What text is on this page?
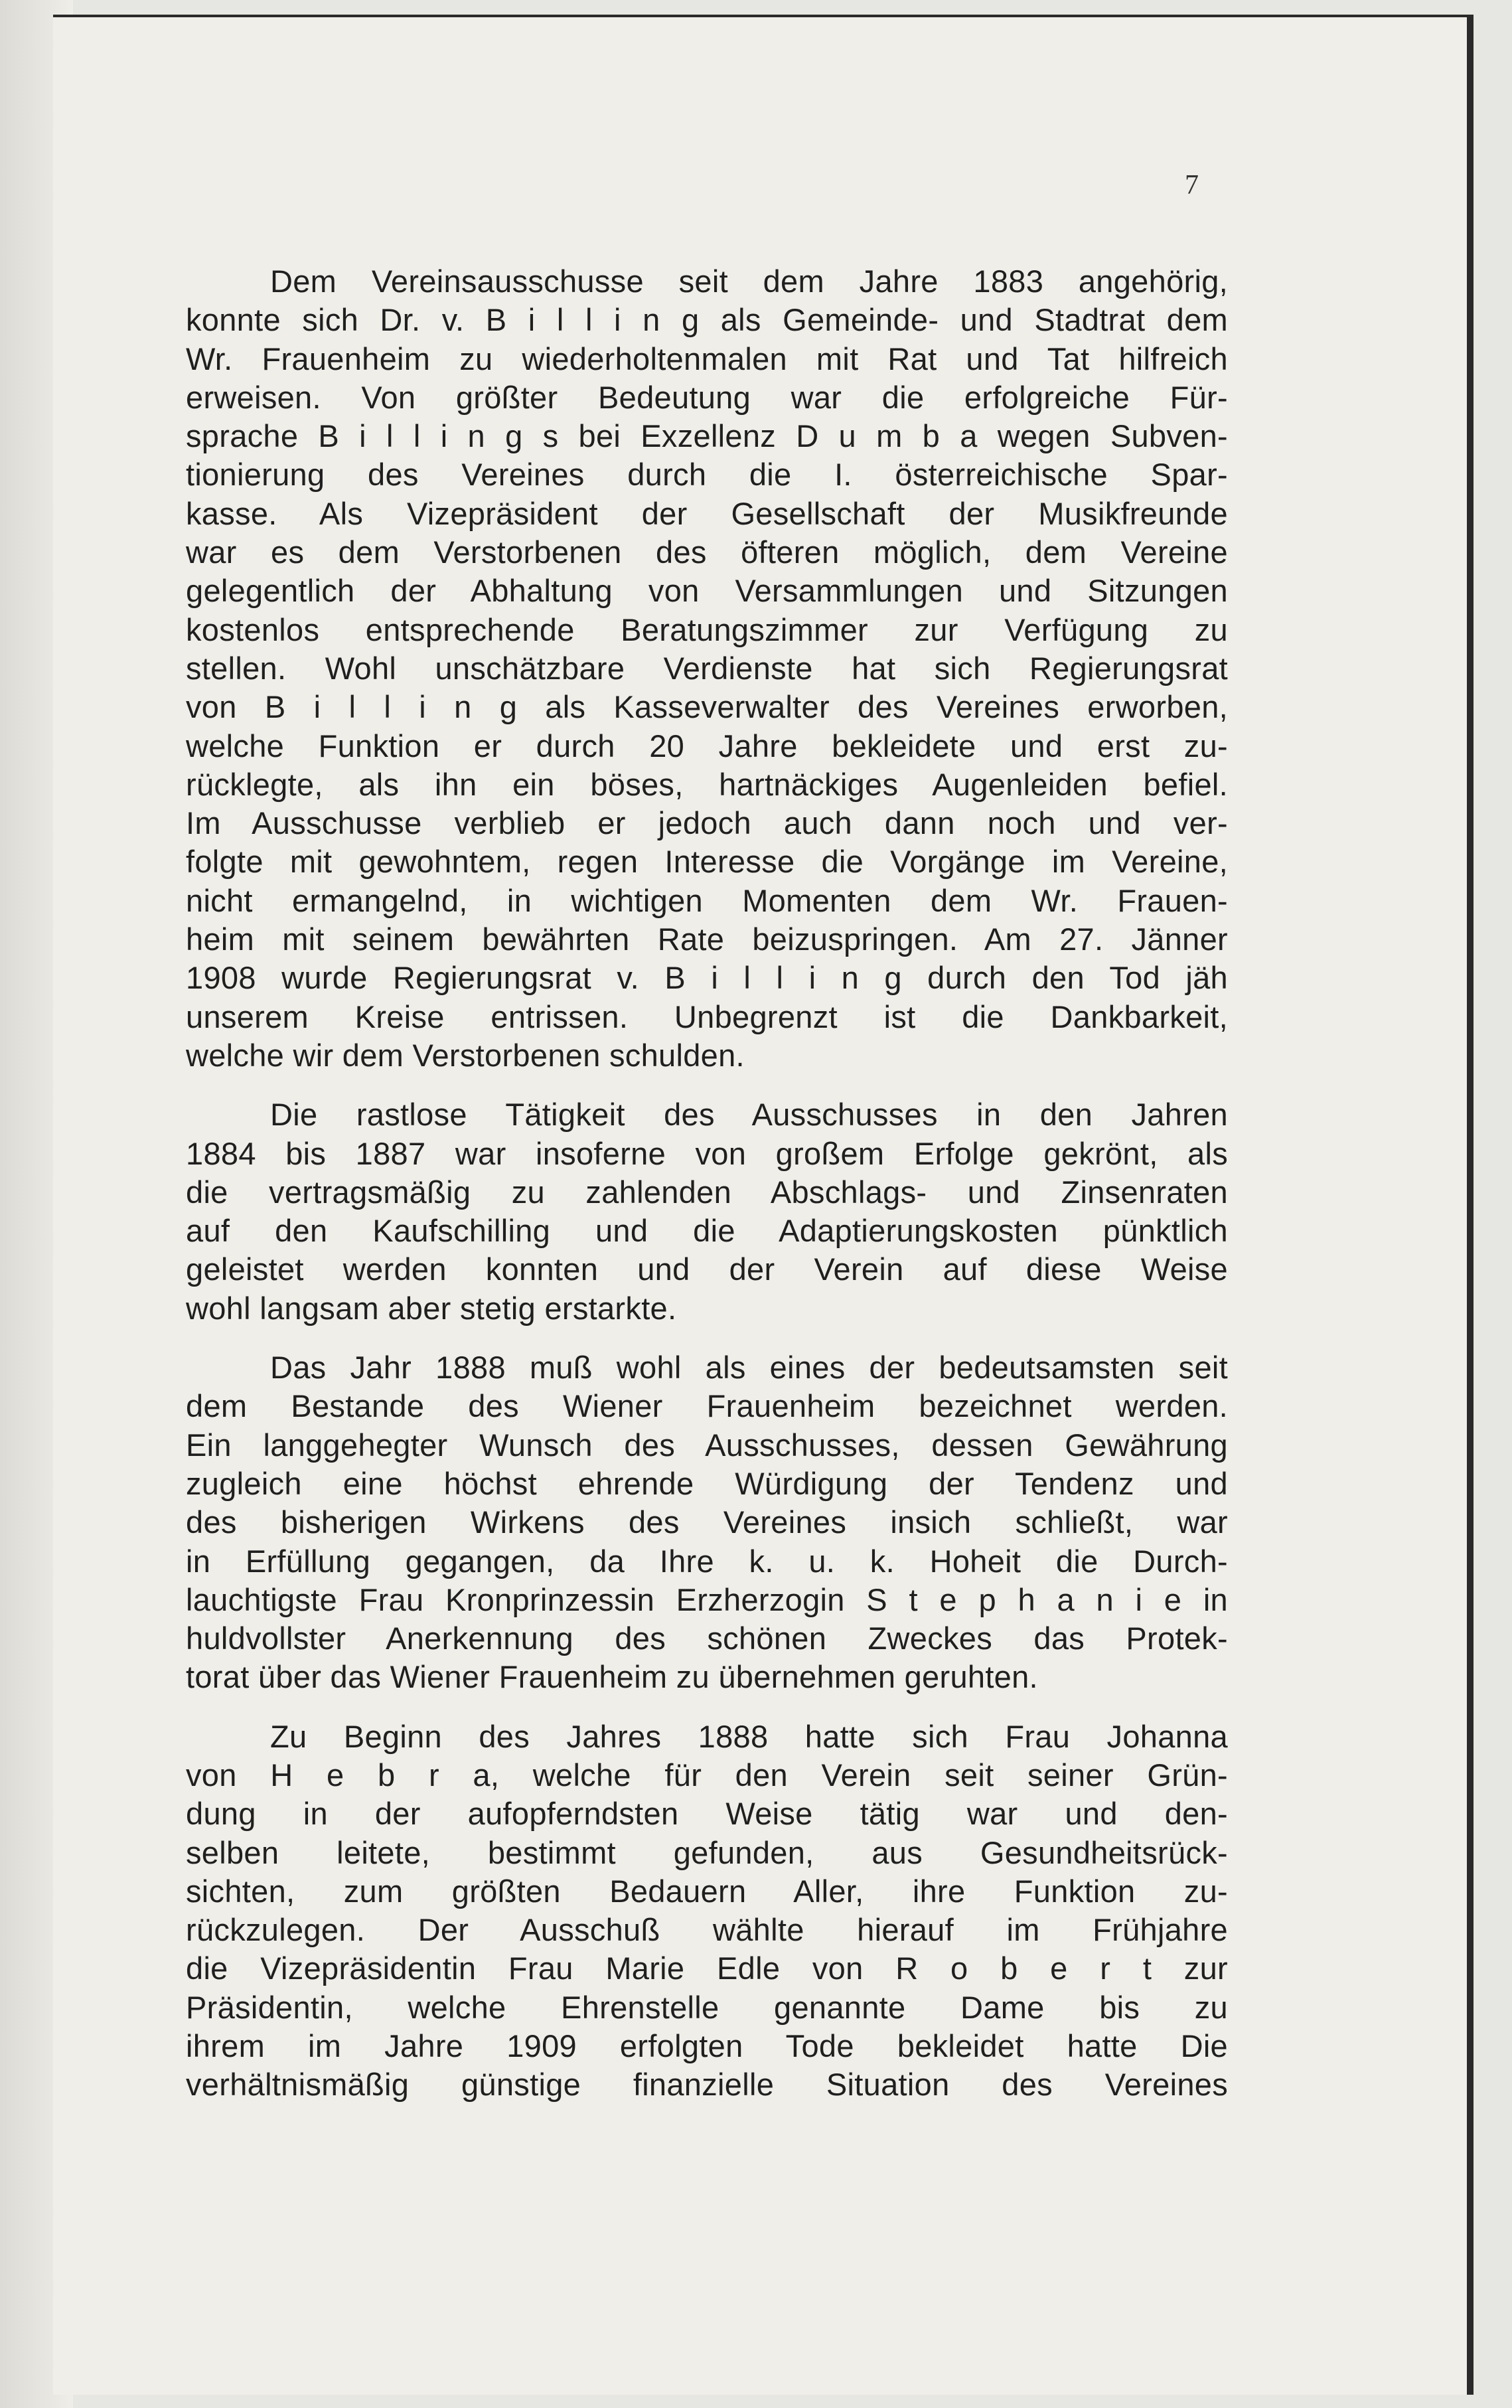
7
Dem Vereinsausschusse seit dem Jahre 1883 angehörig,
konnte sich Dr. v. B i l l i n g als Gemeinde- und Stadtrat dem
Wr. Frauenheim zu wiederholtenmalen mit Rat und Tat hilfreich
erweisen. Von größter Bedeutung war die erfolgreiche Für-
sprache B i l l i n g s bei Exzellenz D u m b a wegen Subven-
tionierung des Vereines durch die I. österreichische Spar-
kasse. Als Vizepräsident der Gesellschaft der Musikfreunde
war es dem Verstorbenen des öfteren möglich, dem Vereine
gelegentlich der Abhaltung von Versammlungen und Sitzungen
kostenlos entsprechende Beratungszimmer zur Verfügung zu
stellen. Wohl unschätzbare Verdienste hat sich Regierungsrat
von B i l l i n g als Kasseverwalter des Vereines erworben,
welche Funktion er durch 20 Jahre bekleidete und erst zu-
rücklegte, als ihn ein böses, hartnäckiges Augenleiden befiel.
Im Ausschusse verblieb er jedoch auch dann noch und ver-
folgte mit gewohntem, regen Interesse die Vorgänge im Vereine,
nicht ermangelnd, in wichtigen Momenten dem Wr. Frauen-
heim mit seinem bewährten Rate beizuspringen. Am 27. Jänner
1908 wurde Regierungsrat v. B i l l i n g durch den Tod jäh
unserem Kreise entrissen. Unbegrenzt ist die Dankbarkeit,
welche wir dem Verstorbenen schulden.
Die rastlose Tätigkeit des Ausschusses in den Jahren
1884 bis 1887 war insoferne von großem Erfolge gekrönt, als
die vertragsmäßig zu zahlenden Abschlags- und Zinsenraten
auf den Kaufschilling und die Adaptierungskosten pünktlich
geleistet werden konnten und der Verein auf diese Weise
wohl langsam aber stetig erstarkte.
Das Jahr 1888 muß wohl als eines der bedeutsamsten seit
dem Bestande des Wiener Frauenheim bezeichnet werden.
Ein langgehegter Wunsch des Ausschusses, dessen Gewährung
zugleich eine höchst ehrende Würdigung der Tendenz und
des bisherigen Wirkens des Vereines insich schließt, war
in Erfüllung gegangen, da Ihre k. u. k. Hoheit die Durch-
lauchtigste Frau Kronprinzessin Erzherzogin S t e p h a n i e in
huldvollster Anerkennung des schönen Zweckes das Protek-
torat über das Wiener Frauenheim zu übernehmen geruhten.
Zu Beginn des Jahres 1888 hatte sich Frau Johanna
von H e b r a, welche für den Verein seit seiner Grün-
dung in der aufopferndsten Weise tätig war und den-
selben leitete, bestimmt gefunden, aus Gesundheitsrück-
sichten, zum größten Bedauern Aller, ihre Funktion zu-
rückzulegen. Der Ausschuß wählte hierauf im Frühjahre
die Vizepräsidentin Frau Marie Edle von R o b e r t zur
Präsidentin, welche Ehrenstelle genannte Dame bis zu
ihrem im Jahre 1909 erfolgten Tode bekleidet hatte Die
verhältnismäßig günstige finanzielle Situation des Vereines
